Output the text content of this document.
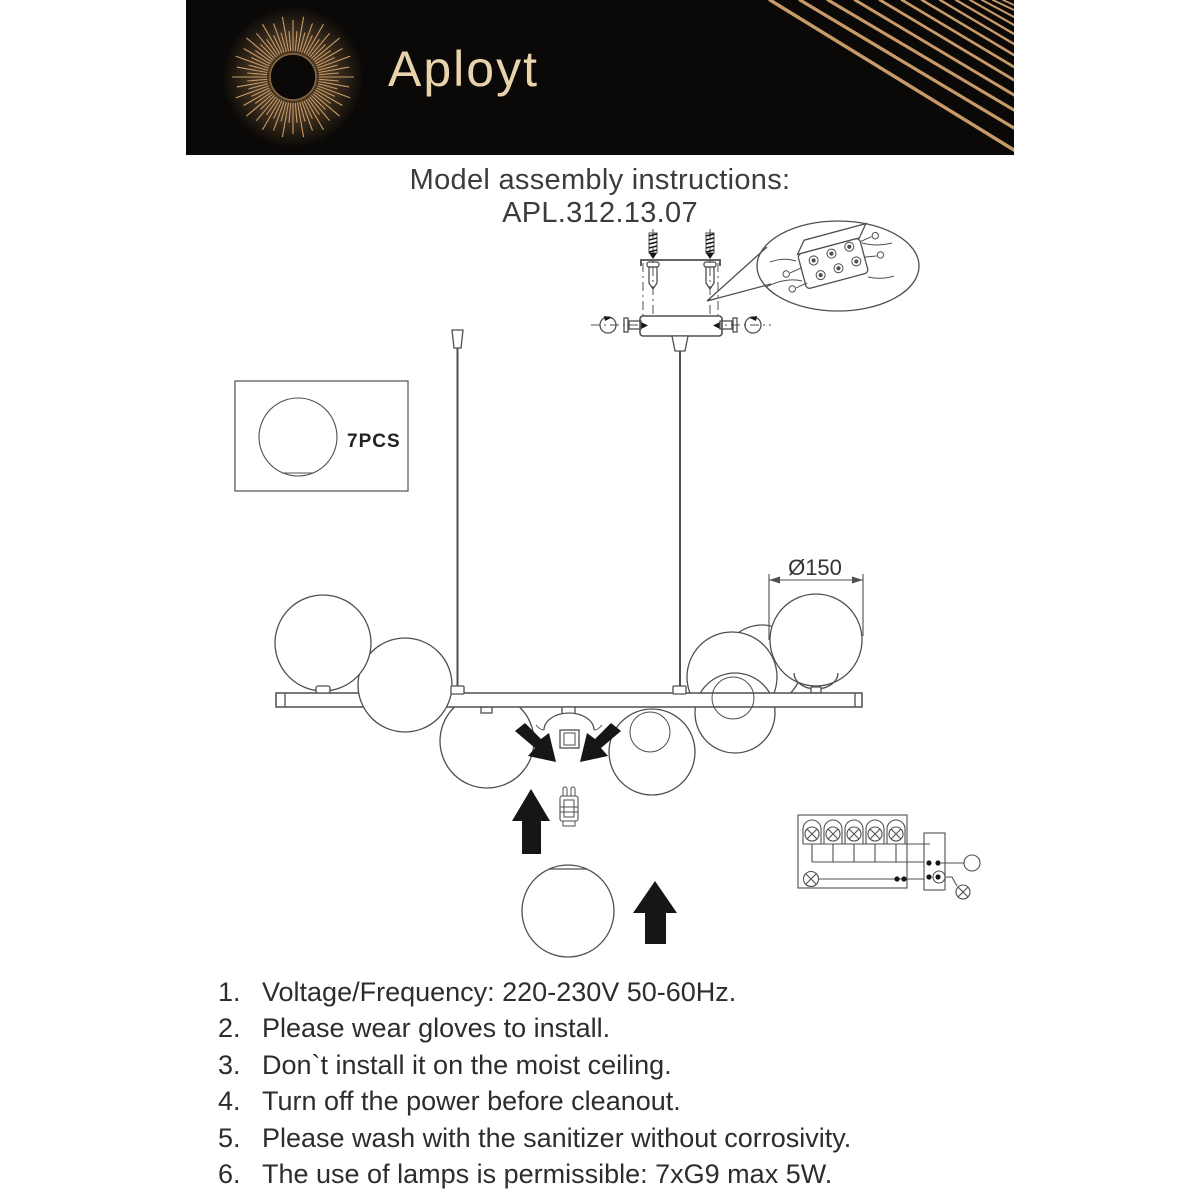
Aployt
Model assembly instructions:
APL.312.13.07
7PCS
Ø150
1. Voltage/Frequency: 220-230V 50-60Hz.
2. Please wear gloves to install.
3. Don`t install it on the moist ceiling.
4. Turn off the power before cleanout.
5. Please wash with the sanitizer without corrosivity.
6. The use of lamps is permissible: 7xG9 max 5W.
